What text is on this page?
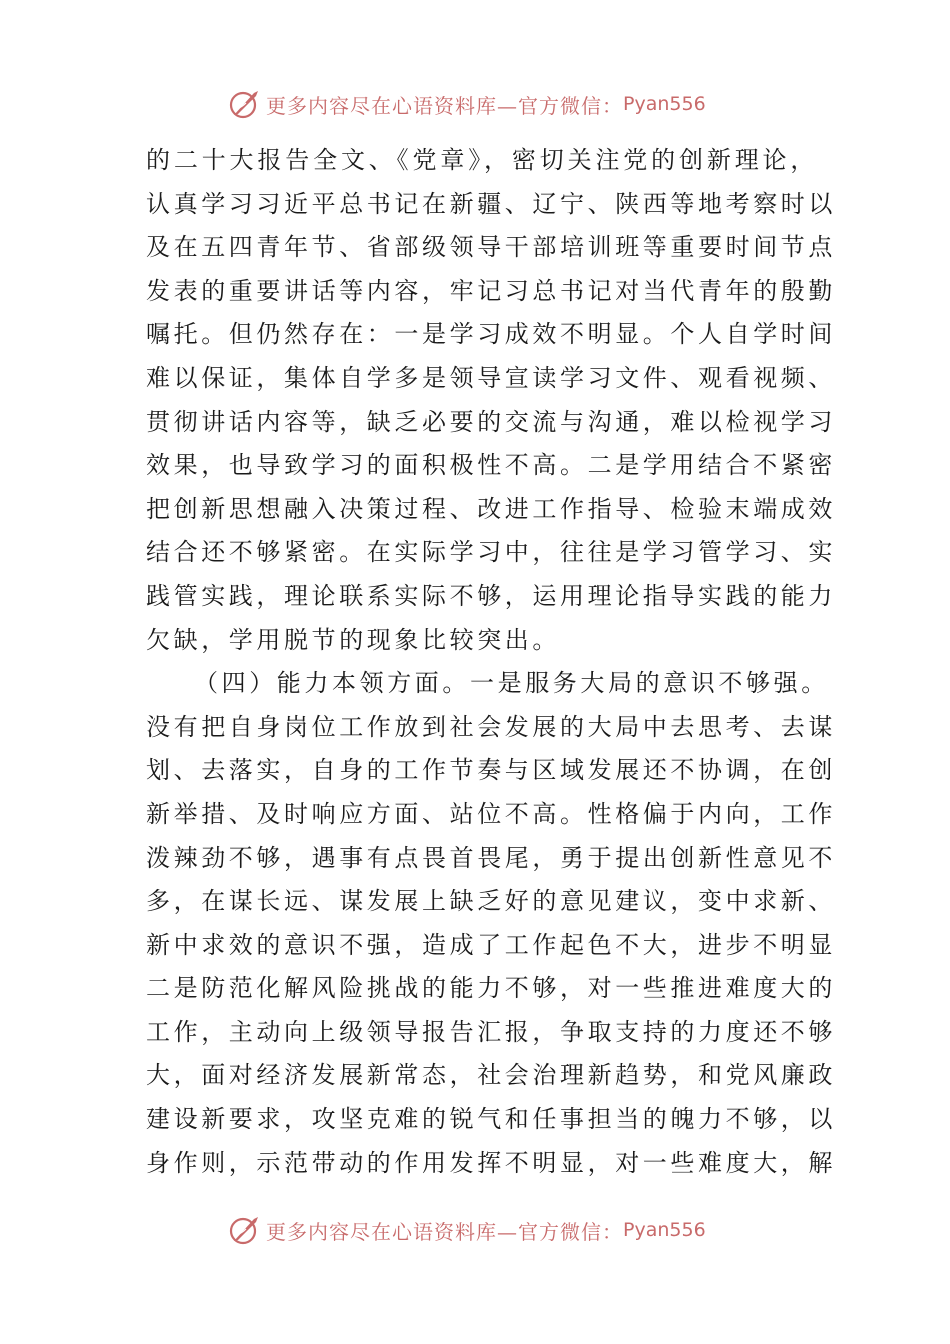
更多内容尽在心语资料库—官方微信： Pyan556
的二十大报告全文、《党章》，密切关注党的创新理论，
认真学习习近平总书记在新疆、辽宁、陕西等地考察时以
及在五四青年节、省部级领导干部培训班等重要时间节点
发表的重要讲话等内容，牢记习总书记对当代青年的殷勤
嘱托。但仍然存在：一是学习成效不明显。个人自学时间
难以保证，集体自学多是领导宣读学习文件、观看视频、
贯彻讲话内容等，缺乏必要的交流与沟通，难以检视学习
效果，也导致学习的面积极性不高。二是学用结合不紧密
把创新思想融入决策过程、改进工作指导、检验末端成效
结合还不够紧密。在实际学习中，往往是学习管学习、实
践管实践，理论联系实际不够，运用理论指导实践的能力
欠缺，学用脱节的现象比较突出。
（四）能力本领方面。一是服务大局的意识不够强。
没有把自身岗位工作放到社会发展的大局中去思考、去谋
划、去落实，自身的工作节奏与区域发展还不协调，在创
新举措、及时响应方面、站位不高。性格偏于内向，工作
泼辣劲不够，遇事有点畏首畏尾，勇于提出创新性意见不
多，在谋长远、谋发展上缺乏好的意见建议，变中求新、
新中求效的意识不强，造成了工作起色不大，进步不明显
二是防范化解风险挑战的能力不够，对一些推进难度大的
工作，主动向上级领导报告汇报，争取支持的力度还不够
大，面对经济发展新常态，社会治理新趋势，和党风廉政
建设新要求，攻坚克难的锐气和任事担当的魄力不够，以
身作则，示范带动的作用发挥不明显，对一些难度大，解
更多内容尽在心语资料库—官方微信： Pyan556
